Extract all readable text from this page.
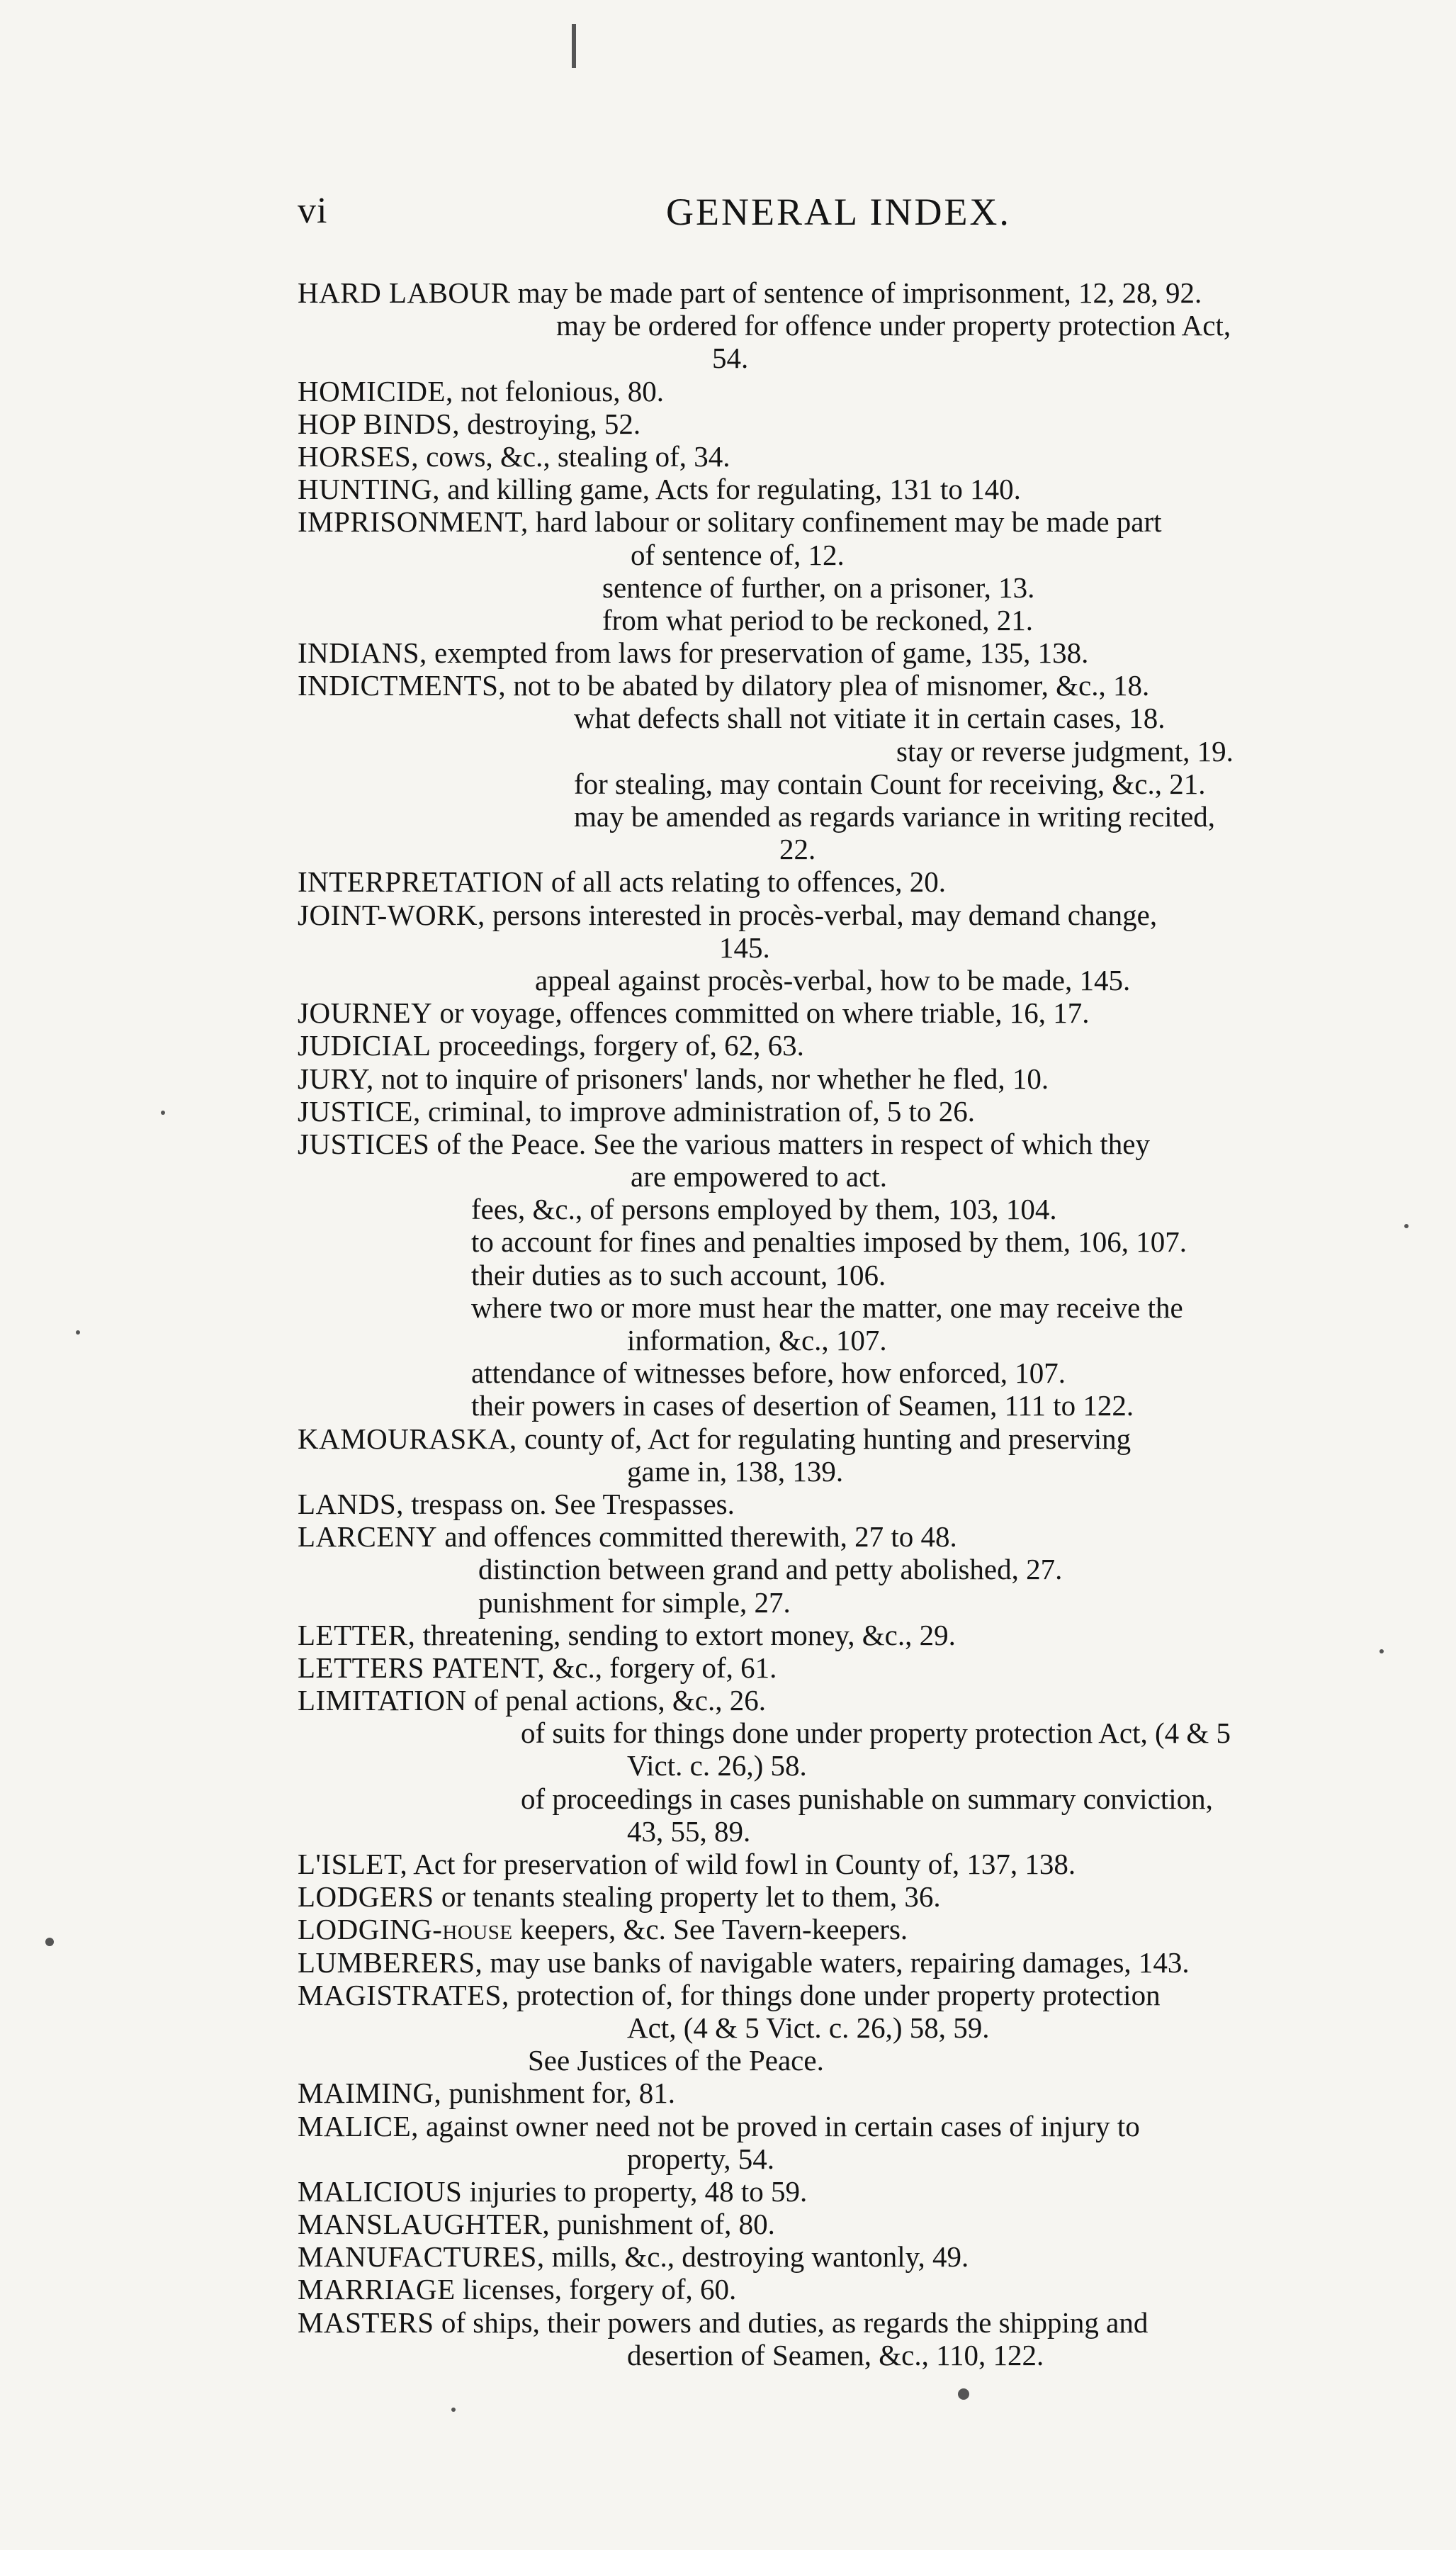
vi	GENERAL INDEX.
HARD LABOUR may be made part of sentence of imprisonment, 12, 28, 92.
may be ordered for offence under property protection Act,
54.
HOMICIDE, not felonious, 80.
HOP BINDS, destroying, 52.
HORSES, cows, &c., stealing of, 34.
HUNTING, and killing game, Acts for regulating, 131 to 140.
IMPRISONMENT, hard labour or solitary confinement may be made part
of sentence of, 12.
sentence of further, on a prisoner, 13.
from what period to be reckoned, 21.
INDIANS, exempted from laws for preservation of game, 135, 138.
INDICTMENTS, not to be abated by dilatory plea of misnomer, &c., 18.
what defects shall not vitiate it in certain cases, 18.
stay or reverse judgment, 19.
for stealing, may contain Count for receiving, &c., 21.
may be amended as regards variance in writing recited,
22.
INTERPRETATION of all acts relating to offences, 20.
JOINT-WORK, persons interested in procès-verbal, may demand change,
145.
appeal against procès-verbal, how to be made, 145.
JOURNEY or voyage, offences committed on where triable, 16, 17.
JUDICIAL proceedings, forgery of, 62, 63.
JURY, not to inquire of prisoners' lands, nor whether he fled, 10.
JUSTICE, criminal, to improve administration of, 5 to 26.
JUSTICES of the Peace. See the various matters in respect of which they
are empowered to act.
fees, &c., of persons employed by them, 103, 104.
to account for fines and penalties imposed by them, 106, 107.
their duties as to such account, 106.
where two or more must hear the matter, one may receive the
information, &c., 107.
attendance of witnesses before, how enforced, 107.
their powers in cases of desertion of Seamen, 111 to 122.
KAMOURASKA, county of, Act for regulating hunting and preserving
game in, 138, 139.
LANDS, trespass on. See Trespasses.
LARCENY and offences committed therewith, 27 to 48.
distinction between grand and petty abolished, 27.
punishment for simple, 27.
LETTER, threatening, sending to extort money, &c., 29.
LETTERS PATENT, &c., forgery of, 61.
LIMITATION of penal actions, &c., 26.
of suits for things done under property protection Act, (4 & 5
Vict. c. 26,) 58.
of proceedings in cases punishable on summary conviction,
43, 55, 89.
L'ISLET, Act for preservation of wild fowl in County of, 137, 138.
LODGERS or tenants stealing property let to them, 36.
LODGING-house keepers, &c. See Tavern-keepers.
LUMBERERS, may use banks of navigable waters, repairing damages, 143.
MAGISTRATES, protection of, for things done under property protection
Act, (4 & 5 Vict. c. 26,) 58, 59.
See Justices of the Peace.
MAIMING, punishment for, 81.
MALICE, against owner need not be proved in certain cases of injury to
property, 54.
MALICIOUS injuries to property, 48 to 59.
MANSLAUGHTER, punishment of, 80.
MANUFACTURES, mills, &c., destroying wantonly, 49.
MARRIAGE licenses, forgery of, 60.
MASTERS of ships, their powers and duties, as regards the shipping and
desertion of Seamen, &c., 110, 122.
